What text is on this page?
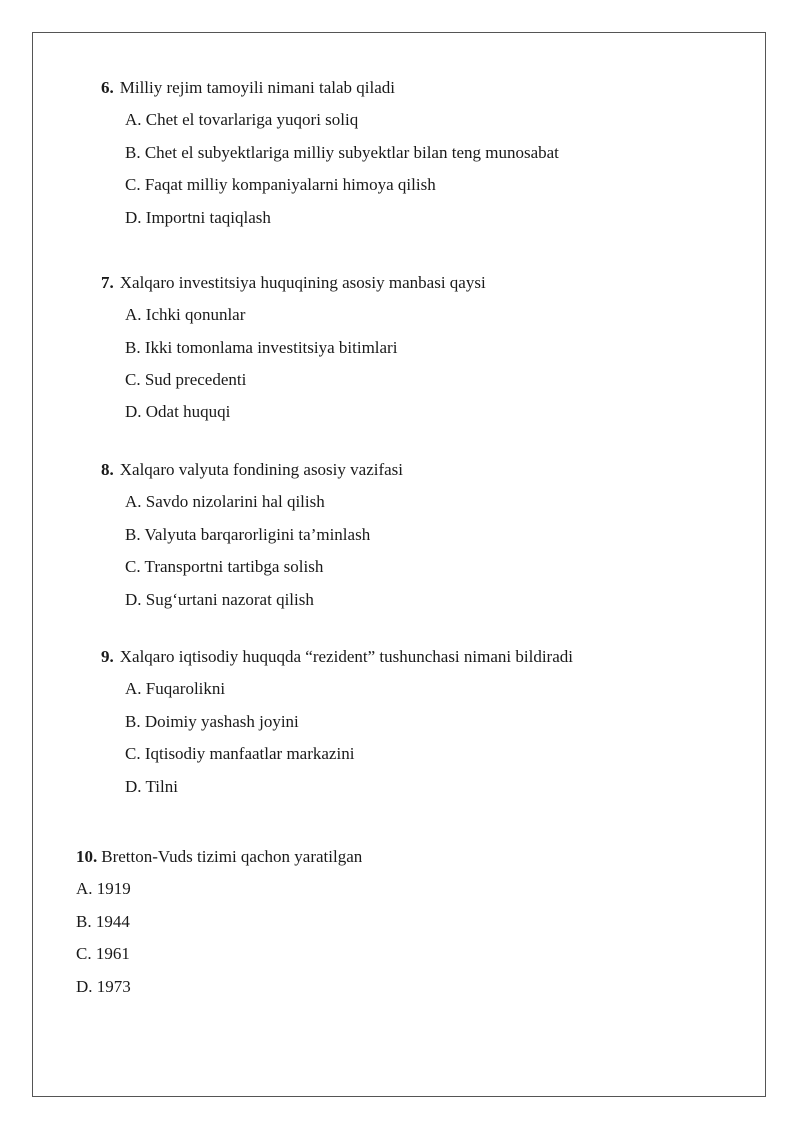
6. Milliy rejim tamoyili nimani talab qiladi
A. Chet el tovarlariga yuqori soliq
B. Chet el subyektlariga milliy subyektlar bilan teng munosabat
C. Faqat milliy kompaniyalarni himoya qilish
D. Importni taqiqlash
7. Xalqaro investitsiya huquqining asosiy manbasi qaysi
A. Ichki qonunlar
B. Ikki tomonlama investitsiya bitimlari
C. Sud precedenti
D. Odat huquqi
8. Xalqaro valyuta fondining asosiy vazifasi
A. Savdo nizolarini hal qilish
B. Valyuta barqarorligini ta’minlash
C. Transportni tartibga solish
D. Sug‘urtani nazorat qilish
9. Xalqaro iqtisodiy huquqda “rezident” tushunchasi nimani bildiradi
A. Fuqarolikni
B. Doimiy yashash joyini
C. Iqtisodiy manfaatlar markazini
D. Tilni
10. Bretton-Vuds tizimi qachon yaratilgan
A. 1919
B. 1944
C. 1961
D. 1973
